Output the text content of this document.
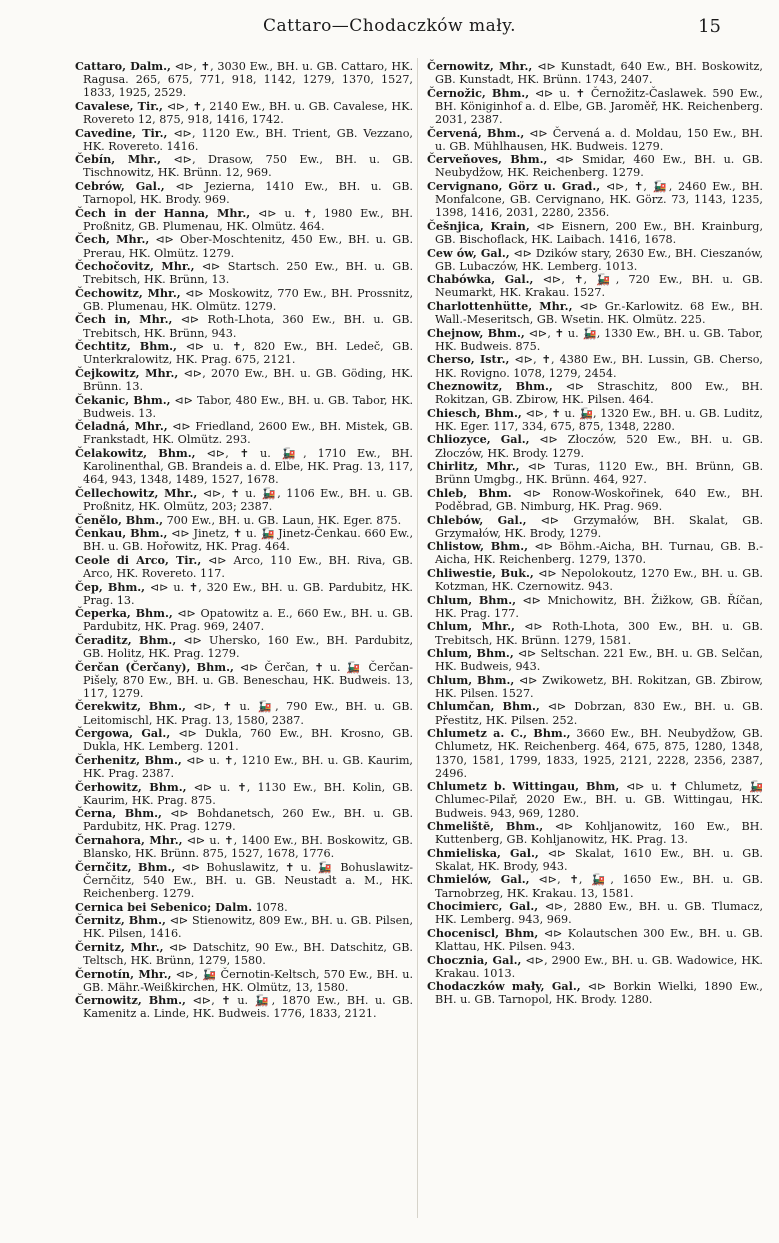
Cattaro—Chodaczków mały.	15
Cattaro, Dalm., ⊲⊳, ✝, 3030 Ew., BH. u. GB. Cattaro, HK. Ragusa. 265, 675, 771, 918, 1142, 1279, 1370, 1527, 1833, 1925, 2529.
Cavalese, Tir., ⊲⊳, ✝, 2140 Ew., BH. u. GB. Cavalese, HK. Rovereto 12, 875, 918, 1416, 1742.
Cavedine, Tir., ⊲⊳, 1120 Ew., BH. Trient, GB. Vezzano, HK. Rovereto. 1416.
Čebín, Mhr., ⊲⊳, Drasow, 750 Ew., BH. u. GB. Tischnowitz, HK. Brünn. 12, 969.
Cebrów, Gal., ⊲⊳ Jezierna, 1410 Ew., BH. u. GB. Tarnopol, HK. Brody. 969.
Čech in der Hanna, Mhr., ⊲⊳ u. ✝, 1980 Ew., BH. Proßnitz, GB. Plumenau, HK. Olmütz. 464.
Čech, Mhr., ⊲⊳ Ober-Moschtenitz, 450 Ew., BH. u. GB. Prerau, HK. Olmütz. 1279.
Čechočovitz, Mhr., ⊲⊳ Startsch. 250 Ew., BH. u. GB. Trebitsch, HK. Brünn, 13.
Čechowitz, Mhr., ⊲⊳ Moskowitz, 770 Ew., BH. Prossnitz, GB. Plumenau, HK. Olmütz. 1279.
Čech in, Mhr., ⊲⊳ Roth-Lhota, 360 Ew., BH. u. GB. Trebitsch, HK. Brünn, 943.
Čechtitz, Bhm., ⊲⊳ u. ✝, 820 Ew., BH. Ledeč, GB. Unterkralowitz, HK. Prag. 675, 2121.
Čejkowitz, Mhr., ⊲⊳, 2070 Ew., BH. u. GB. Göding, HK. Brünn. 13.
Čekanic, Bhm., ⊲⊳ Tabor, 480 Ew., BH. u. GB. Tabor, HK. Budweis. 13.
Čeladná, Mhr., ⊲⊳ Friedland, 2600 Ew., BH. Mistek, GB. Frankstadt, HK. Olmütz. 293.
Čelakowitz, Bhm., ⊲⊳, ✝ u. 🚂, 1710 Ew., BH. Karolinenthal, GB. Brandeis a. d. Elbe, HK. Prag. 13, 117, 464, 943, 1348, 1489, 1527, 1678.
Čellechowitz, Mhr., ⊲⊳, ✝ u. 🚂, 1106 Ew., BH. u. GB. Proßnitz, HK. Olmütz, 203; 2387.
Čenělo, Bhm., 700 Ew., BH. u. GB. Laun, HK. Eger. 875.
Čenkau, Bhm., ⊲⊳ Jinetz, ✝ u. 🚂 Jinetz-Čenkau. 660 Ew., BH. u. GB. Hořowitz, HK. Prag. 464.
Ceole di Arco, Tir., ⊲⊳ Arco, 110 Ew., BH. Riva, GB. Arco, HK. Rovereto. 117.
Čep, Bhm., ⊲⊳ u. ✝, 320 Ew., BH. u. GB. Pardubitz, HK. Prag. 13.
Čeperka, Bhm., ⊲⊳ Opatowitz a. E., 660 Ew., BH. u. GB. Pardubitz, HK. Prag. 969, 2407.
Čeraditz, Bhm., ⊲⊳ Uhersko, 160 Ew., BH. Pardubitz, GB. Holitz, HK. Prag. 1279.
Čerčan (Čerčany), Bhm., ⊲⊳ Čerčan, ✝ u. 🚂 Čerčan-Pišely, 870 Ew., BH. u. GB. Beneschau, HK. Budweis. 13, 117, 1279.
Čerekwitz, Bhm., ⊲⊳, ✝ u. 🚂, 790 Ew., BH. u. GB. Leitomischl, HK. Prag. 13, 1580, 2387.
Čergowa, Gal., ⊲⊳ Dukla, 760 Ew., BH. Krosno, GB. Dukla, HK. Lemberg. 1201.
Čerhenitz, Bhm., ⊲⊳ u. ✝, 1210 Ew., BH. u. GB. Kaurim, HK. Prag. 2387.
Čerhowitz, Bhm., ⊲⊳ u. ✝, 1130 Ew., BH. Kolin, GB. Kaurim, HK. Prag. 875.
Černa, Bhm., ⊲⊳ Bohdanetsch, 260 Ew., BH. u. GB. Pardubitz, HK. Prag. 1279.
Černahora, Mhr., ⊲⊳ u. ✝, 1400 Ew., BH. Boskowitz, GB. Blansko, HK. Brünn. 875, 1527, 1678, 1776.
Černčitz, Bhm., ⊲⊳ Bohuslawitz, ✝ u. 🚂 Bohuslawitz-Černčitz, 540 Ew., BH. u. GB. Neustadt a. M., HK. Reichenberg. 1279.
Cernica bei Sebenico; Dalm. 1078.
Černitz, Bhm., ⊲⊳ Stienowitz, 809 Ew., BH. u. GB. Pilsen, HK. Pilsen, 1416.
Černitz, Mhr., ⊲⊳ Datschitz, 90 Ew., BH. Datschitz, GB. Teltsch, HK. Brünn, 1279, 1580.
Černotín, Mhr., ⊲⊳, 🚂 Černotin-Keltsch, 570 Ew., BH. u. GB. Mähr.-Weißkirchen, HK. Olmütz, 13, 1580.
Černowitz, Bhm., ⊲⊳, ✝ u. 🚂, 1870 Ew., BH. u. GB. Kamenitz a. Linde, HK. Budweis. 1776, 1833, 2121.
Černowitz, Mhr., ⊲⊳ Kunstadt, 640 Ew., BH. Boskowitz, GB. Kunstadt, HK. Brünn. 1743, 2407.
Černožic, Bhm., ⊲⊳ u. ✝ Černožitz-Časlawek. 590 Ew., BH. Königinhof a. d. Elbe, GB. Jaroměř, HK. Reichenberg. 2031, 2387.
Červená, Bhm., ⊲⊳ Červená a. d. Moldau, 150 Ew., BH. u. GB. Mühlhausen, HK. Budweis. 1279.
Červeňoves, Bhm., ⊲⊳ Smidar, 460 Ew., BH. u. GB. Neubydžow, HK. Reichenberg. 1279.
Cervignano, Görz u. Grad., ⊲⊳, ✝, 🚂, 2460 Ew., BH. Monfalcone, GB. Cervignano, HK. Görz. 73, 1143, 1235, 1398, 1416, 2031, 2280, 2356.
Češnjica, Krain, ⊲⊳ Eisnern, 200 Ew., BH. Krainburg, GB. Bischoflack, HK. Laibach. 1416, 1678.
Cew ów, Gal., ⊲⊳ Dzików stary, 2630 Ew., BH. Cieszanów, GB. Lubaczów, HK. Lemberg. 1013.
Chabówka, Gal., ⊲⊳, ✝, 🚂, 720 Ew., BH. u. GB. Neumarkt, HK. Krakau. 1527.
Charlottenhütte, Mhr., ⊲⊳ Gr.-Karlowitz. 68 Ew., BH. Wall.-Meseritsch, GB. Wsetin. HK. Olmütz. 225.
Chejnow, Bhm., ⊲⊳, ✝ u. 🚂, 1330 Ew., BH. u. GB. Tabor, HK. Budweis. 875.
Cherso, Istr., ⊲⊳, ✝, 4380 Ew., BH. Lussin, GB. Cherso, HK. Rovigno. 1078, 1279, 2454.
Cheznowitz, Bhm., ⊲⊳ Straschitz, 800 Ew., BH. Rokitzan, GB. Zbirow, HK. Pilsen. 464.
Chiesch, Bhm., ⊲⊳, ✝ u. 🚂, 1320 Ew., BH. u. GB. Luditz, HK. Eger. 117, 334, 675, 875, 1348, 2280.
Chliozyce, Gal., ⊲⊳ Złoczów, 520 Ew., BH. u. GB. Złoczów, HK. Brody. 1279.
Chirlitz, Mhr., ⊲⊳ Turas, 1120 Ew., BH. Brünn, GB. Brünn Umgbg., HK. Brünn. 464, 927.
Chleb, Bhm. ⊲⊳ Ronow-Woskořinek, 640 Ew., BH. Poděbrad, GB. Nimburg, HK. Prag. 969.
Chlebów, Gal., ⊲⊳ Grzymałów, BH. Skalat, GB. Grzymałów, HK. Brody, 1279.
Chlistow, Bhm., ⊲⊳ Böhm.-Aicha, BH. Turnau, GB. B.-Aicha, HK. Reichenberg. 1279, 1370.
Chliwestie, Buk., ⊲⊳ Nepolokoutz, 1270 Ew., BH. u. GB. Kotzman, HK. Czernowitz. 943.
Chlum, Bhm., ⊲⊳ Mnichowitz, BH. Žižkow, GB. Říčan, HK. Prag. 177.
Chlum, Mhr., ⊲⊳ Roth-Lhota, 300 Ew., BH. u. GB. Trebitsch, HK. Brünn. 1279, 1581.
Chlum, Bhm., ⊲⊳ Seltschan. 221 Ew., BH. u. GB. Selčan, HK. Budweis, 943.
Chlum, Bhm., ⊲⊳ Zwikowetz, BH. Rokitzan, GB. Zbirow, HK. Pilsen. 1527.
Chlumčan, Bhm., ⊲⊳ Dobrzan, 830 Ew., BH. u. GB. Přestitz, HK. Pilsen. 252.
Chlumetz a. C., Bhm., 3660 Ew., BH. Neubydžow, GB. Chlumetz, HK. Reichenberg. 464, 675, 875, 1280, 1348, 1370, 1581, 1799, 1833, 1925, 2121, 2228, 2356, 2387, 2496.
Chlumetz b. Wittingau, Bhm, ⊲⊳ u. ✝ Chlumetz, 🚂 Chlumec-Pilař, 2020 Ew., BH. u. GB. Wittingau, HK. Budweis. 943, 969, 1280.
Chmelištĕ, Bhm., ⊲⊳ Kohljanowitz, 160 Ew., BH. Kuttenberg, GB. Kohljanowitz, HK. Prag. 13.
Chmieliska, Gal., ⊲⊳ Skalat, 1610 Ew., BH. u. GB. Skalat, HK. Brody, 943.
Chmielów, Gal., ⊲⊳, ✝, 🚂, 1650 Ew., BH. u. GB. Tarnobrzeg, HK. Krakau. 13, 1581.
Chocimierc, Gal., ⊲⊳, 2880 Ew., BH. u. GB. Tlumacz, HK. Lemberg. 943, 969.
Choceniscl, Bhm, ⊲⊳ Kolautschen 300 Ew., BH. u. GB. Klattau, HK. Pilsen. 943.
Chocznia, Gal., ⊲⊳, 2900 Ew., BH. u. GB. Wadowice, HK. Krakau. 1013.
Chodaczków mały, Gal., ⊲⊳ Borkin Wielki, 1890 Ew., BH. u. GB. Tarnopol, HK. Brody. 1280.
